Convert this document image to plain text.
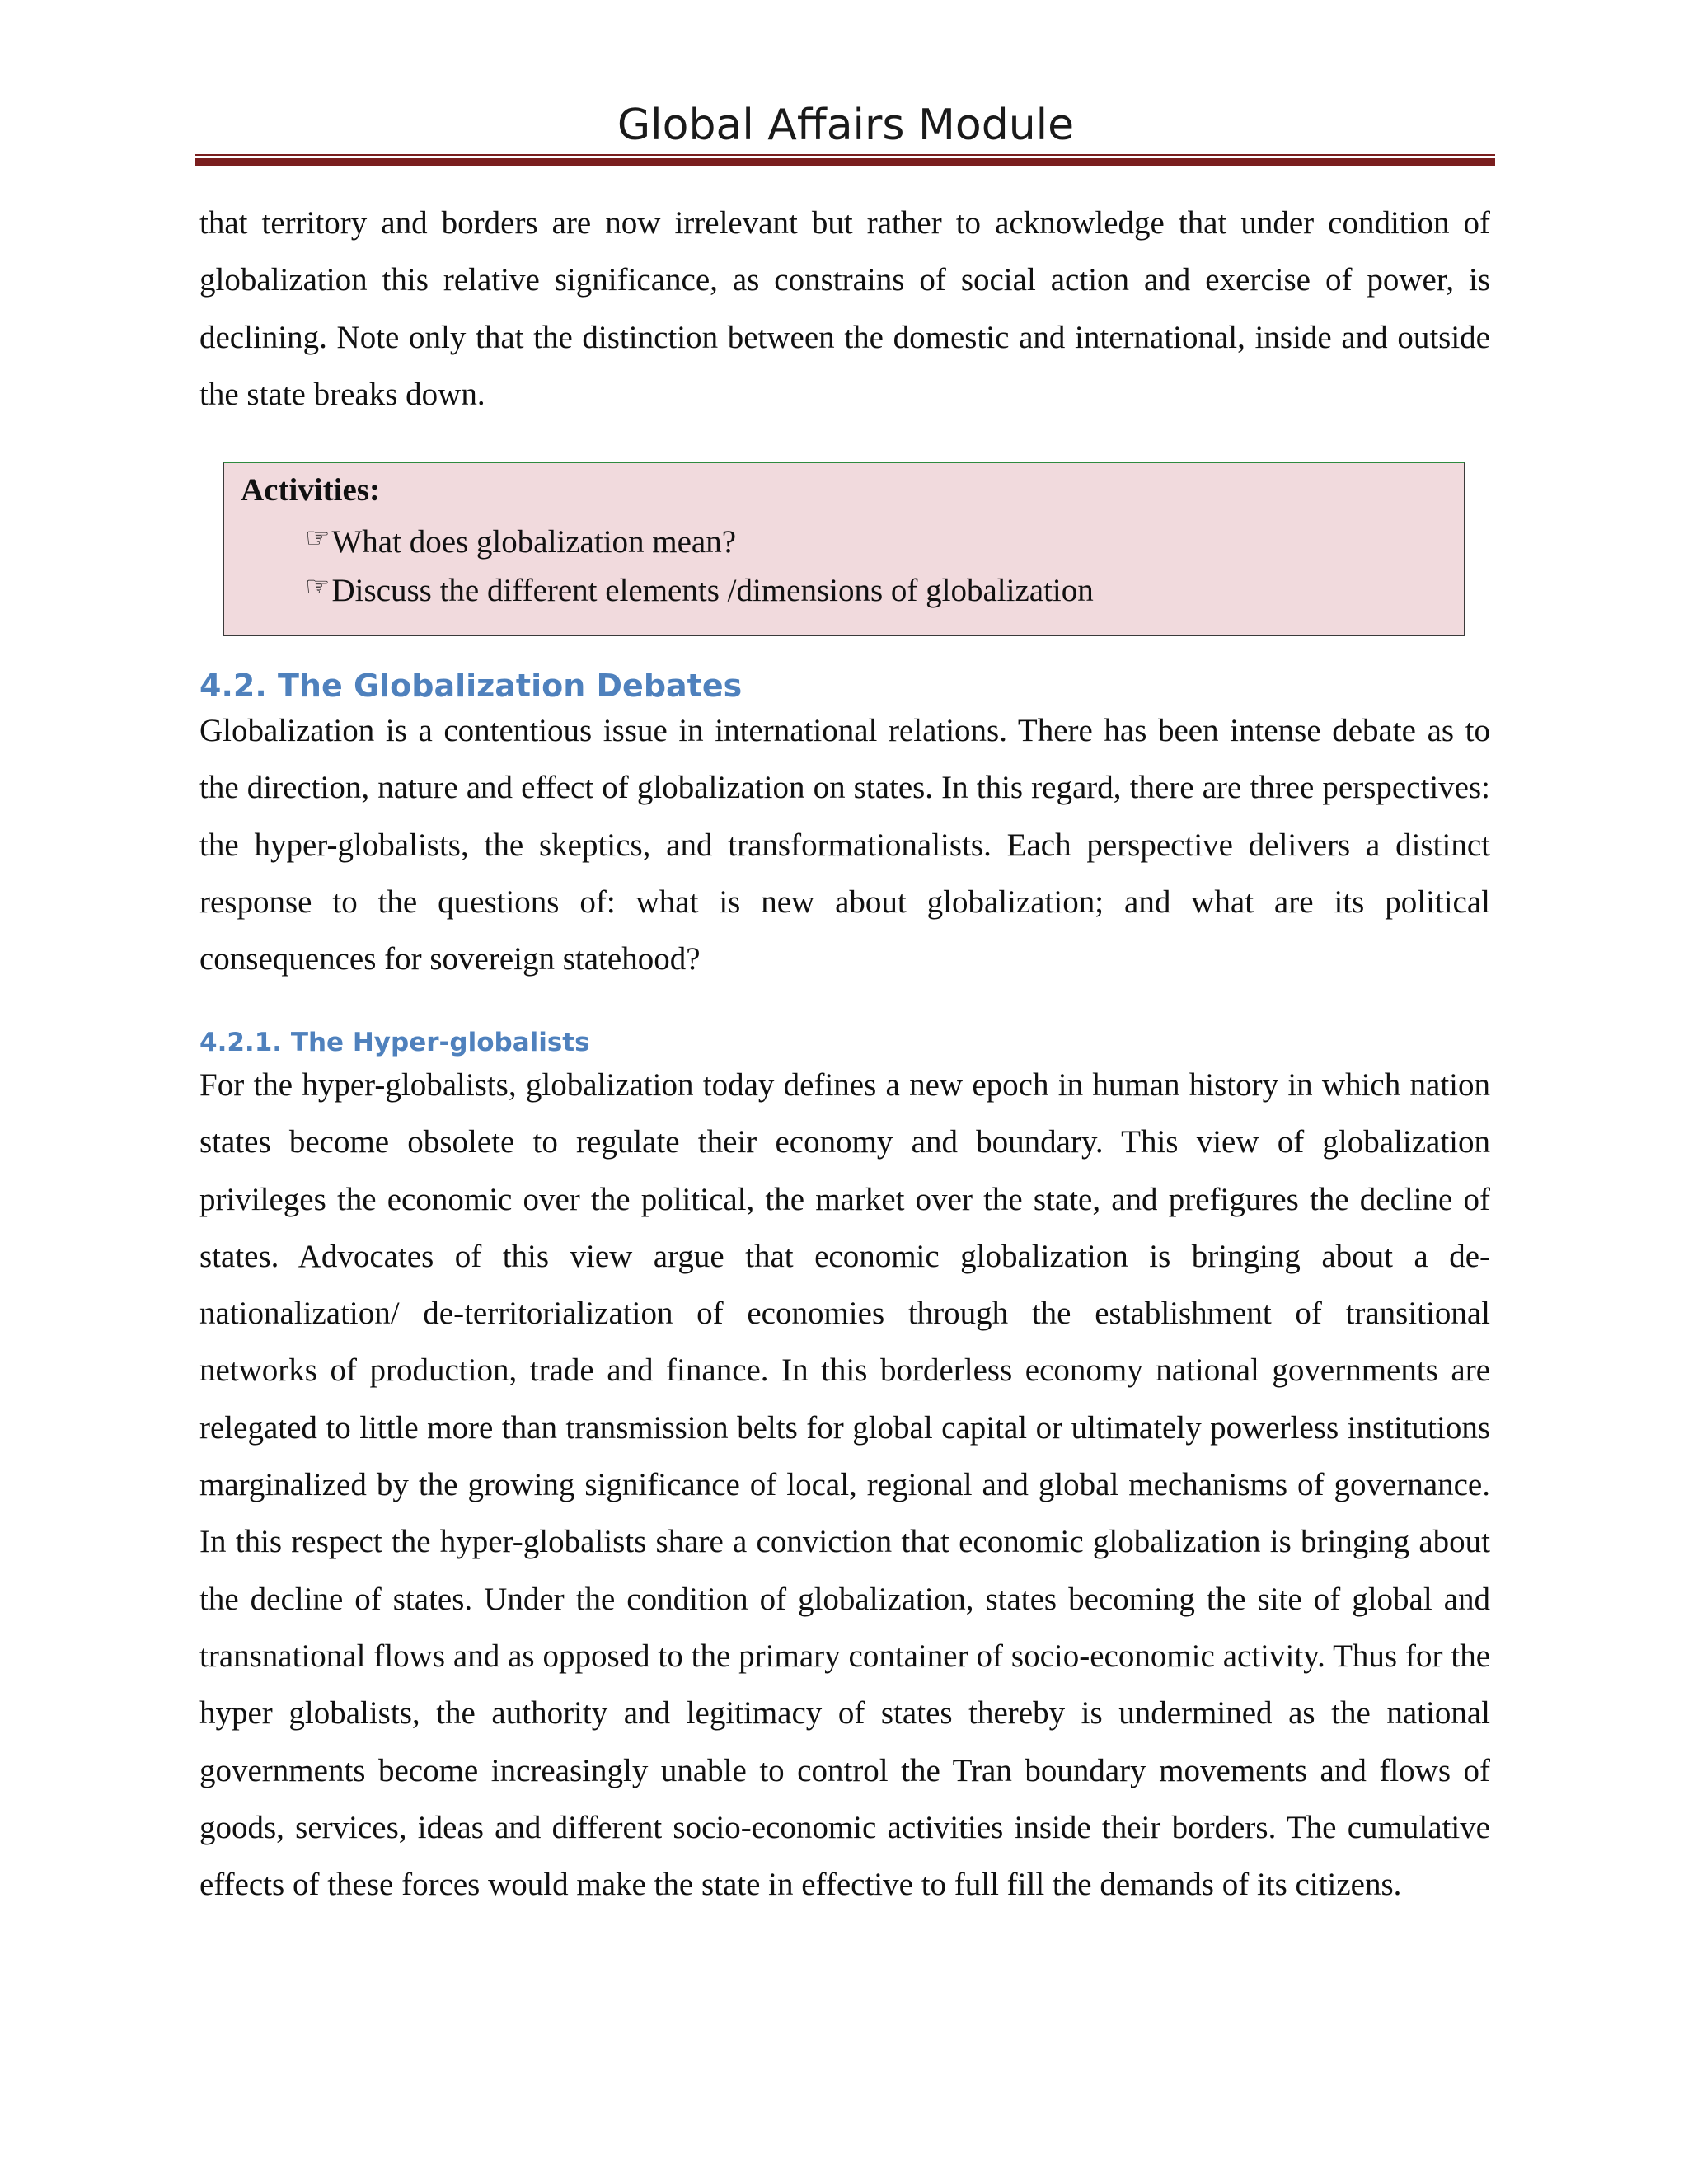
Global Affairs Module

that territory and borders are now irrelevant but rather to acknowledge that under condition of globalization this relative significance, as constrains of social action and exercise of power, is declining. Note only that the distinction between the domestic and international, inside and outside the state breaks down.

Activities:
☞What does globalization mean?
☞Discuss the different elements /dimensions of globalization
4.2. The Globalization Debates

Globalization is a contentious issue in international relations. There has been intense debate as to the direction, nature and effect of globalization on states. In this regard, there are three perspectives: the hyper-globalists, the skeptics, and transformationalists. Each perspective delivers a distinct response to the questions of: what is new about globalization; and what are its political consequences for sovereign statehood?

4.2.1. The Hyper-globalists

For the hyper-globalists, globalization today defines a new epoch in human history in which nation states become obsolete to regulate their economy and boundary. This view of globalization privileges the economic over the political, the market over the state, and prefigures the decline of states. Advocates of this view argue that economic globalization is bringing about a de-nationalization/ de-territorialization of economies through the establishment of transitional networks of production, trade and finance. In this borderless economy national governments are relegated to little more than transmission belts for global capital or ultimately powerless institutions marginalized by the growing significance of local, regional and global mechanisms of governance. In this respect the hyper-globalists share a conviction that economic globalization is bringing about the decline of states. Under the condition of globalization, states becoming the site of global and transnational flows and as opposed to the primary container of socio-economic activity. Thus for the hyper globalists, the authority and legitimacy of states thereby is undermined as the national governments become increasingly unable to control the Tran boundary movements and flows of goods, services, ideas and different socio-economic activities inside their borders. The cumulative effects of these forces would make the state in effective to full fill the demands of its citizens.
